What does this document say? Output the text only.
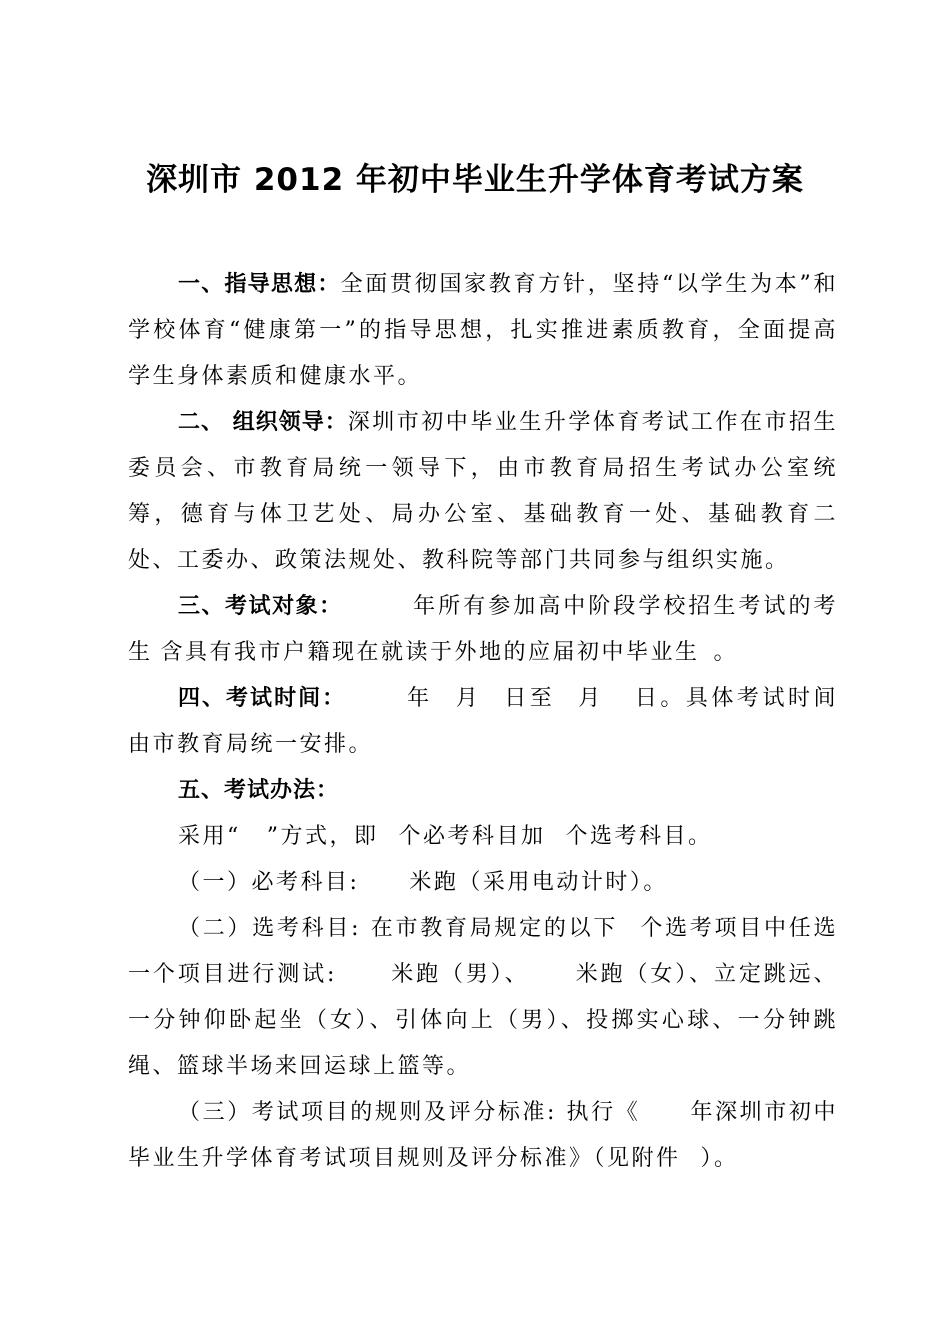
深圳市 2012 年初中毕业生升学体育考试方案

一、指导思想：全面贯彻国家教育方针，坚持“以学生为本”和学校体育“健康第一”的指导思想，扎实推进素质教育，全面提高学生身体素质和健康水平。

二、 组织领导：深圳市初中毕业生升学体育考试工作在市招生委员会、市教育局统一领导下，由市教育局招生考试办公室统筹，德育与体卫艺处、局办公室、基础教育一处、基础教育二处、工委办、政策法规处、教科院等部门共同参与组织实施。

三、考试对象：	年所有参加高中阶段学校招生考试的考生 含具有我市户籍现在就读于外地的应届初中毕业生 。

四、考试时间：	年 月 日至 月 日。具体考试时间由市教育局统一安排。

五、考试办法：

采用“ ”方式，即 个必考科目加 个选考科目。

（一）必考科目: 米跑（采用电动计时）。

（二）选考科目: 在市教育局规定的以下 个选考项目中任选一个项目进行测试: 米跑（男）、 米跑（女）、立定跳远、一分钟仰卧起坐（女）、引体向上（男）、投掷实心球、一分钟跳绳、篮球半场来回运球上篮等。

（三）考试项目的规则及评分标准: 执行《 年深圳市初中毕业生升学体育考试项目规则及评分标准》（见附件 ）。
